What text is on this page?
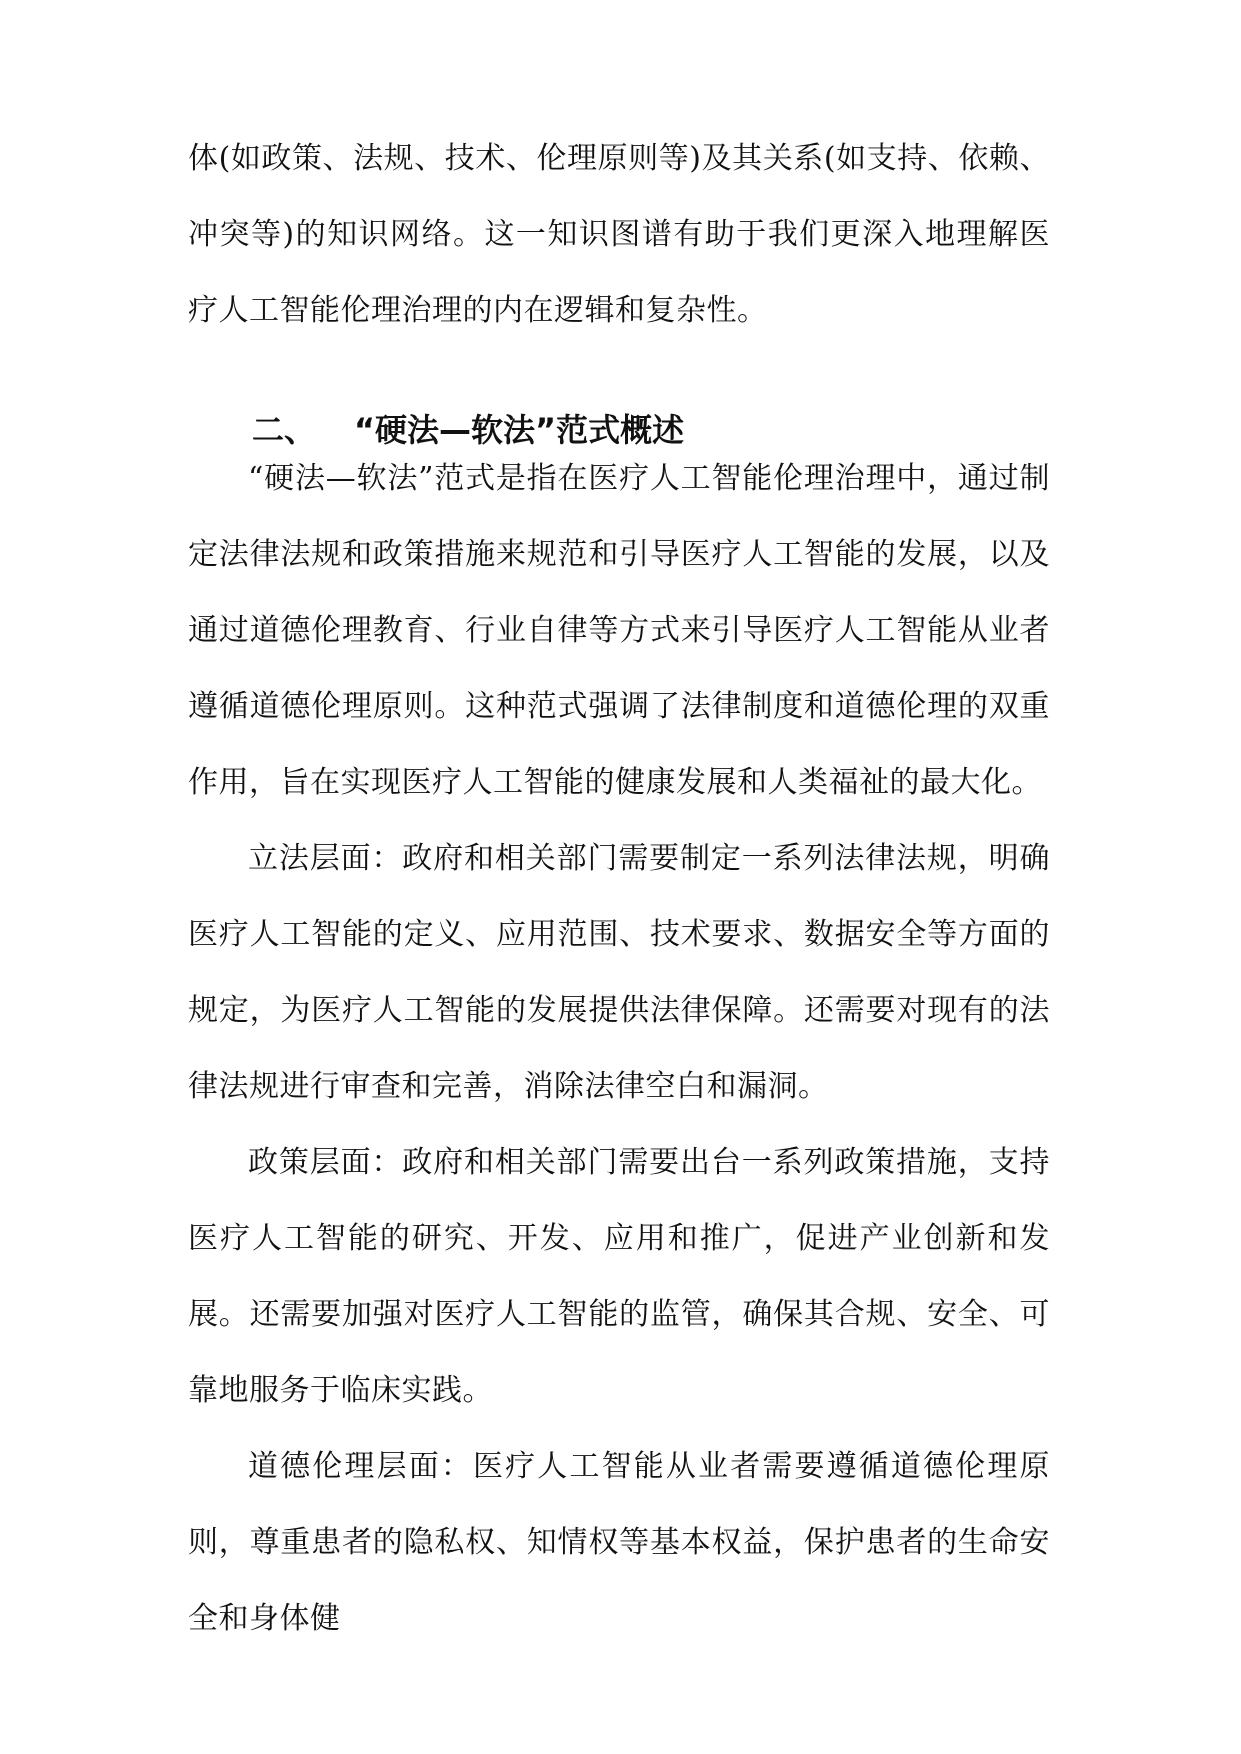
体(如政策、法规、技术、伦理原则等)及其关系(如支持、依赖、冲突等)的知识网络。这一知识图谱有助于我们更深入地理解医疗人工智能伦理治理的内在逻辑和复杂性。

二、 “硬法—软法”范式概述

“硬法—软法”范式是指在医疗人工智能伦理治理中，通过制定法律法规和政策措施来规范和引导医疗人工智能的发展，以及通过道德伦理教育、行业自律等方式来引导医疗人工智能从业者遵循道德伦理原则。这种范式强调了法律制度和道德伦理的双重作用，旨在实现医疗人工智能的健康发展和人类福祉的最大化。

立法层面：政府和相关部门需要制定一系列法律法规，明确医疗人工智能的定义、应用范围、技术要求、数据安全等方面的规定，为医疗人工智能的发展提供法律保障。还需要对现有的法律法规进行审查和完善，消除法律空白和漏洞。

政策层面：政府和相关部门需要出台一系列政策措施，支持医疗人工智能的研究、开发、应用和推广，促进产业创新和发展。还需要加强对医疗人工智能的监管，确保其合规、安全、可靠地服务于临床实践。

道德伦理层面：医疗人工智能从业者需要遵循道德伦理原则，尊重患者的隐私权、知情权等基本权益，保护患者的生命安全和身体健
